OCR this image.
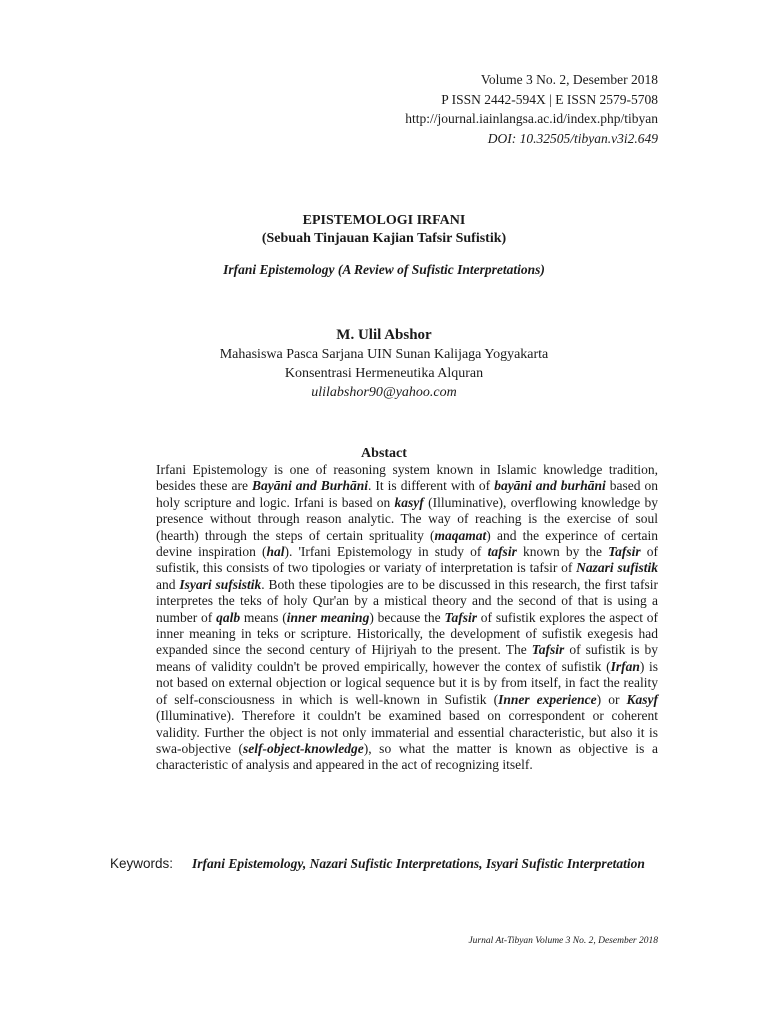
Volume 3 No. 2, Desember 2018
P ISSN 2442-594X | E ISSN 2579-5708
http://journal.iainlangsa.ac.id/index.php/tibyan
DOI: 10.32505/tibyan.v3i2.649
EPISTEMOLOGI IRFANI
(Sebuah Tinjauan Kajian Tafsir Sufistik)
Irfani Epistemology (A Review of Sufistic Interpretations)
M. Ulil Abshor
Mahasiswa Pasca Sarjana UIN Sunan Kalijaga Yogyakarta
Konsentrasi Hermeneutika Alquran
ulilabshor90@yahoo.com
Abstact
Irfani Epistemology is one of reasoning system known in Islamic knowledge tradition, besides these are Bayāni and Burhāni. It is different with of bayāni and burhāni based on holy scripture and logic. Irfani is based on kasyf (Illuminative), overflowing knowledge by presence without through reason analytic. The way of reaching is the exercise of soul (hearth) through the steps of certain sprituality (maqamat) and the experince of certain devine inspiration (hal). 'Irfani Epistemology in study of tafsir known by the Tafsir of sufistik, this consists of two tipologies or variaty of interpretation is tafsir of Nazari sufistik and Isyari sufsistik. Both these tipologies are to be discussed in this research, the first tafsir interpretes the teks of holy Qur'an by a mistical theory and the second of that is using a number of qalb means (inner meaning) because the Tafsir of sufistik explores the aspect of inner meaning in teks or scripture. Historically, the development of sufistik exegesis had expanded since the second century of Hijriyah to the present. The Tafsir of sufistik is by means of validity couldn't be proved empirically, however the contex of sufistik (Irfan) is not based on external objection or logical sequence but it is by from itself, in fact the reality of self-consciousness in which is well-known in Sufistik (Inner experience) or Kasyf (Illuminative). Therefore it couldn't be examined based on correspondent or coherent validity. Further the object is not only immaterial and essential characteristic, but also it is swa-objective (self-object-knowledge), so what the matter is known as objective is a characteristic of analysis and appeared in the act of recognizing itself.
Keywords:	Irfani Epistemology, Nazari Sufistic Interpretations, Isyari Sufistic Interpretation
Jurnal At-Tibyan Volume 3 No. 2, Desember 2018
